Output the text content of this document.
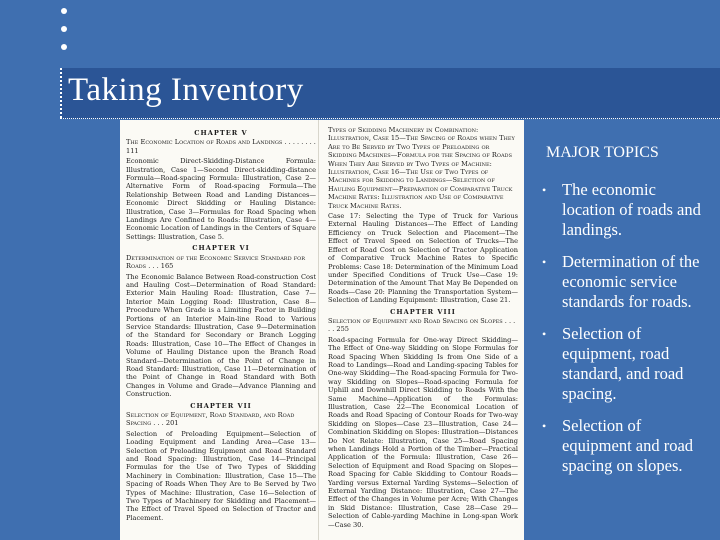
Taking Inventory
CHAPTER V
The Economic Location of Roads and Landings . . . . . . . . 111
Economic Direct-Skidding-Distance Formula: Illustration, Case 1—Second Direct-skidding-distance Formula—Road-spacing Formula: Illustration, Case 2—Alternative Form of Road-spacing Formula—The Relationship Between Road and Landing Distances—Economic Direct Skidding or Hauling Distance: Illustration, Case 3—Formulas for Road Spacing when Landings Are Confined to Roads: Illustration, Case 4—Economic Location of Landings in the Centers of Square Settings: Illustration, Case 5.
CHAPTER VI
Determination of the Economic Service Standard for Roads . . . 165
The Economic Balance Between Road-construction Cost and Hauling Cost—Determination of Road Standard: Exterior Main Hauling Road: Illustration, Case 7—Interior Main Logging Road: Illustration, Case 8—Procedure When Grade is a Limiting Factor in Building Portions of an Interior Main-line Road to Various Service Standards: Illustration, Case 9—Determination of the Standard for Secondary or Branch Logging Roads: Illustration, Case 10—The Effect of Changes in Volume of Hauling Distance upon the Branch Road Standard—Determination of the Point of Change in Road Standard: Illustration, Case 11—Determination of the Point of Change in Road Standard with Both Changes in Volume and Grade—Advance Planning and Construction.
CHAPTER VII
Selection of Equipment, Road Standard, and Road Spacing . . . 201
Selection of Preloading Equipment—Selection of Loading Equipment and Landing Area—Case 13—Selection of Preloading Equipment and Road Standard and Road Spacing: Illustration, Case 14—Principal Formulas for the Use of Two Types of Skidding Machinery in Combination: Illustration, Case 15—The Spacing of Roads When They Are to Be Served by Two Types of Machine: Illustration, Case 16—Selection of Two Types of Machinery for Skidding and Placement—The Effect of Travel Speed on Selection of Tractor and Placement.
Types of Skidding Machinery in Combination: Illustration, Case 15—The Spacing of Roads when They Are to Be Served by Two Types of Preloading or Skidding Machines—Formula for the Spacing of Roads When They Are Served by Two Types of Machine: Illustration, Case 16—The Use of Two Types of Machines for Skidding to Landings—Selection of Hauling Equipment—Preparation of Comparative Truck Machine Rates: Illustration and Use of Comparative Truck Machine Rates.
Case 17: Selecting the Type of Truck for Various External Hauling Distances—The Effect of Landing Efficiency on Truck Selection and Placement—The Effect of Travel Speed on Selection of Trucks—The Effect of Road Cost on Selection of Tractor Application of Comparative Truck Machine Rates to Specific Problems: Case 18: Determination of the Minimum Load under Specified Conditions of Truck Use—Case 19: Determination of the Amount That May Be Depended on Roads—Case 20: Planning the Transportation System—Selection of Landing Equipment: Illustration, Case 21.
CHAPTER VIII
Selection of Equipment and Road Spacing on Slopes . . . . . 255
Road-spacing Formula for One-way Direct Skidding—The Effect of One-way Skidding on Slope Formulas for Road Spacing When Skidding Is from One Side of a Road to Landings—Road and Landing-spacing Tables for One-way Skidding—The Road-spacing Formula for Two-way Skidding on Slopes—Road-spacing Formula for Uphill and Downhill Direct Skidding to Roads With the Same Machine—Application of the Formulas: Illustration, Case 22—The Economical Location of Roads and Road Spacing of Contour Roads for Two-way Skidding on Slopes—Case 23—Illustration, Case 24—Combination Skidding on Slopes: Illustration—Distances Do Not Relate: Illustration, Case 25—Road Spacing when Landings Hold a Portion of the Timber—Practical Application of the Formula: Illustration, Case 26—Selection of Equipment and Road Spacing on Slopes—Road Spacing for Cable Skidding to Contour Roads—Yarding versus External Yarding Systems—Selection of External Yarding Distance: Illustration, Case 27—The Effect of the Changes in Volume per Acre; With Changes in Skid Distance: Illustration, Case 28—Case 29—Selection of Cable-yarding Machine in Long-span Work—Case 30.
MAJOR TOPICS
• The economic location of roads and landings.
• Determination of the economic service standards for roads.
• Selection of equipment, road standard, and road spacing.
• Selection of equipment and road spacing on slopes.
